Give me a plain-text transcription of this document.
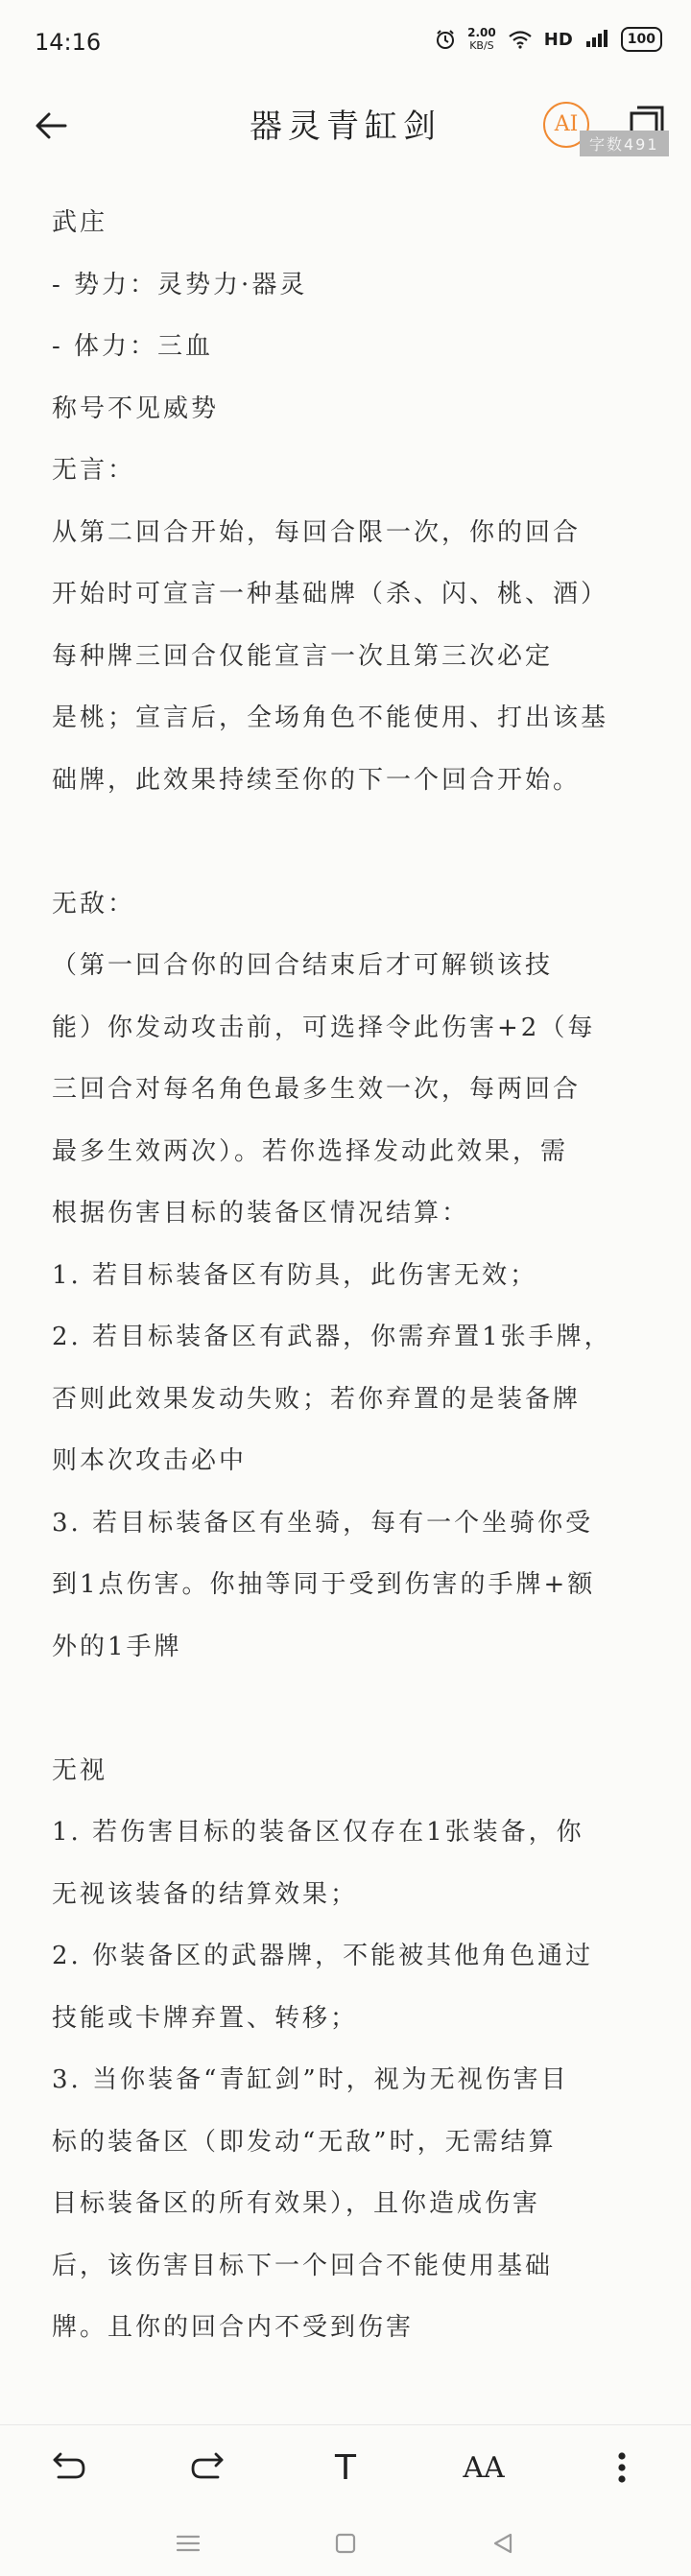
14:16	2.00
KB/S	HD	100
器灵青缸剑	AI
字数491
武庄
- 势力：灵势力·器灵
- 体力：三血
称号不见威势
无言：
从第二回合开始，每回合限一次，你的回合
开始时可宣言一种基础牌（杀、闪、桃、酒）
每种牌三回合仅能宣言一次且第三次必定
是桃；宣言后，全场角色不能使用、打出该基
础牌，此效果持续至你的下一个回合开始。
无敌：
（第一回合你的回合结束后才可解锁该技
能）你发动攻击前，可选择令此伤害+2（每
三回合对每名角色最多生效一次，每两回合
最多生效两次）。若你选择发动此效果，需
根据伤害目标的装备区情况结算：
1. 若目标装备区有防具，此伤害无效；
2. 若目标装备区有武器，你需弃置1张手牌，
否则此效果发动失败；若你弃置的是装备牌
则本次攻击必中
3. 若目标装备区有坐骑，每有一个坐骑你受
到1点伤害。你抽等同于受到伤害的手牌+额
外的1手牌
无视
1. 若伤害目标的装备区仅存在1张装备，你
无视该装备的结算效果；
2. 你装备区的武器牌，不能被其他角色通过
技能或卡牌弃置、转移；
3. 当你装备“青缸剑”时，视为无视伤害目
标的装备区（即发动“无敌”时，无需结算
目标装备区的所有效果），且你造成伤害
后，该伤害目标下一个回合不能使用基础
牌。且你的回合内不受到伤害
T	AA
